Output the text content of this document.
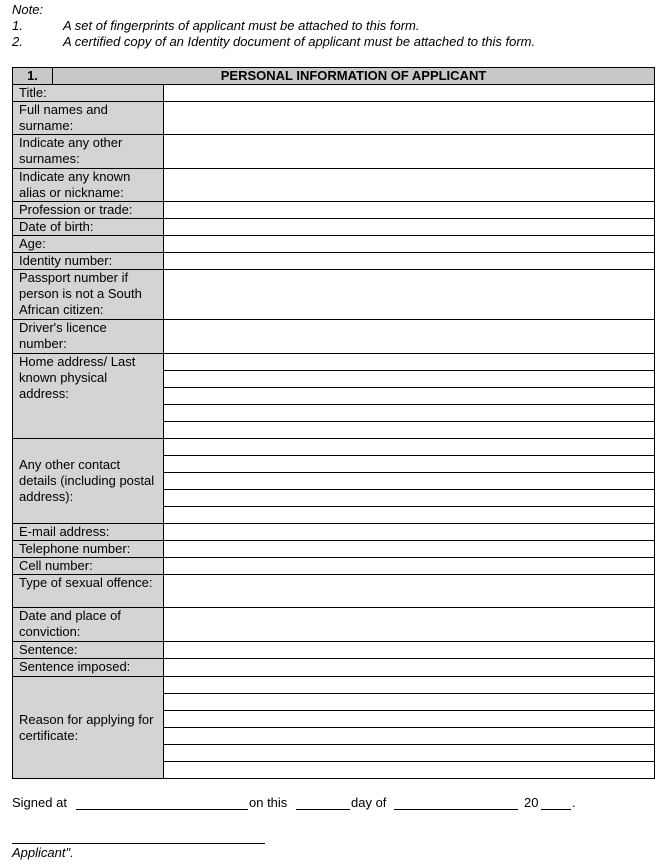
Note:
1.	A set of fingerprints of applicant must be attached to this form.
2.	A certified copy of an Identity document of applicant must be attached to this form.
1.	PERSONAL INFORMATION OF APPLICANT	
Title:		
Full names and surname:		
Indicate any other surnames:		
Indicate any known alias or nickname:		
Profession or trade:		
Date of birth:		
Age:		
Identity number:		
Passport number if person is not a South African citizen:		
Driver's licence number:		
Home address/ Last known physical address:		

Any other contact details (including postal address):		

E-mail address:		
Telephone number:		
Cell number:		
Type of sexual offence:		
Date and place of conviction:		
Sentence:		
Sentence imposed:		
Reason for applying for certificate:		

Signed at	on this	day of	20	.
Applicant".
